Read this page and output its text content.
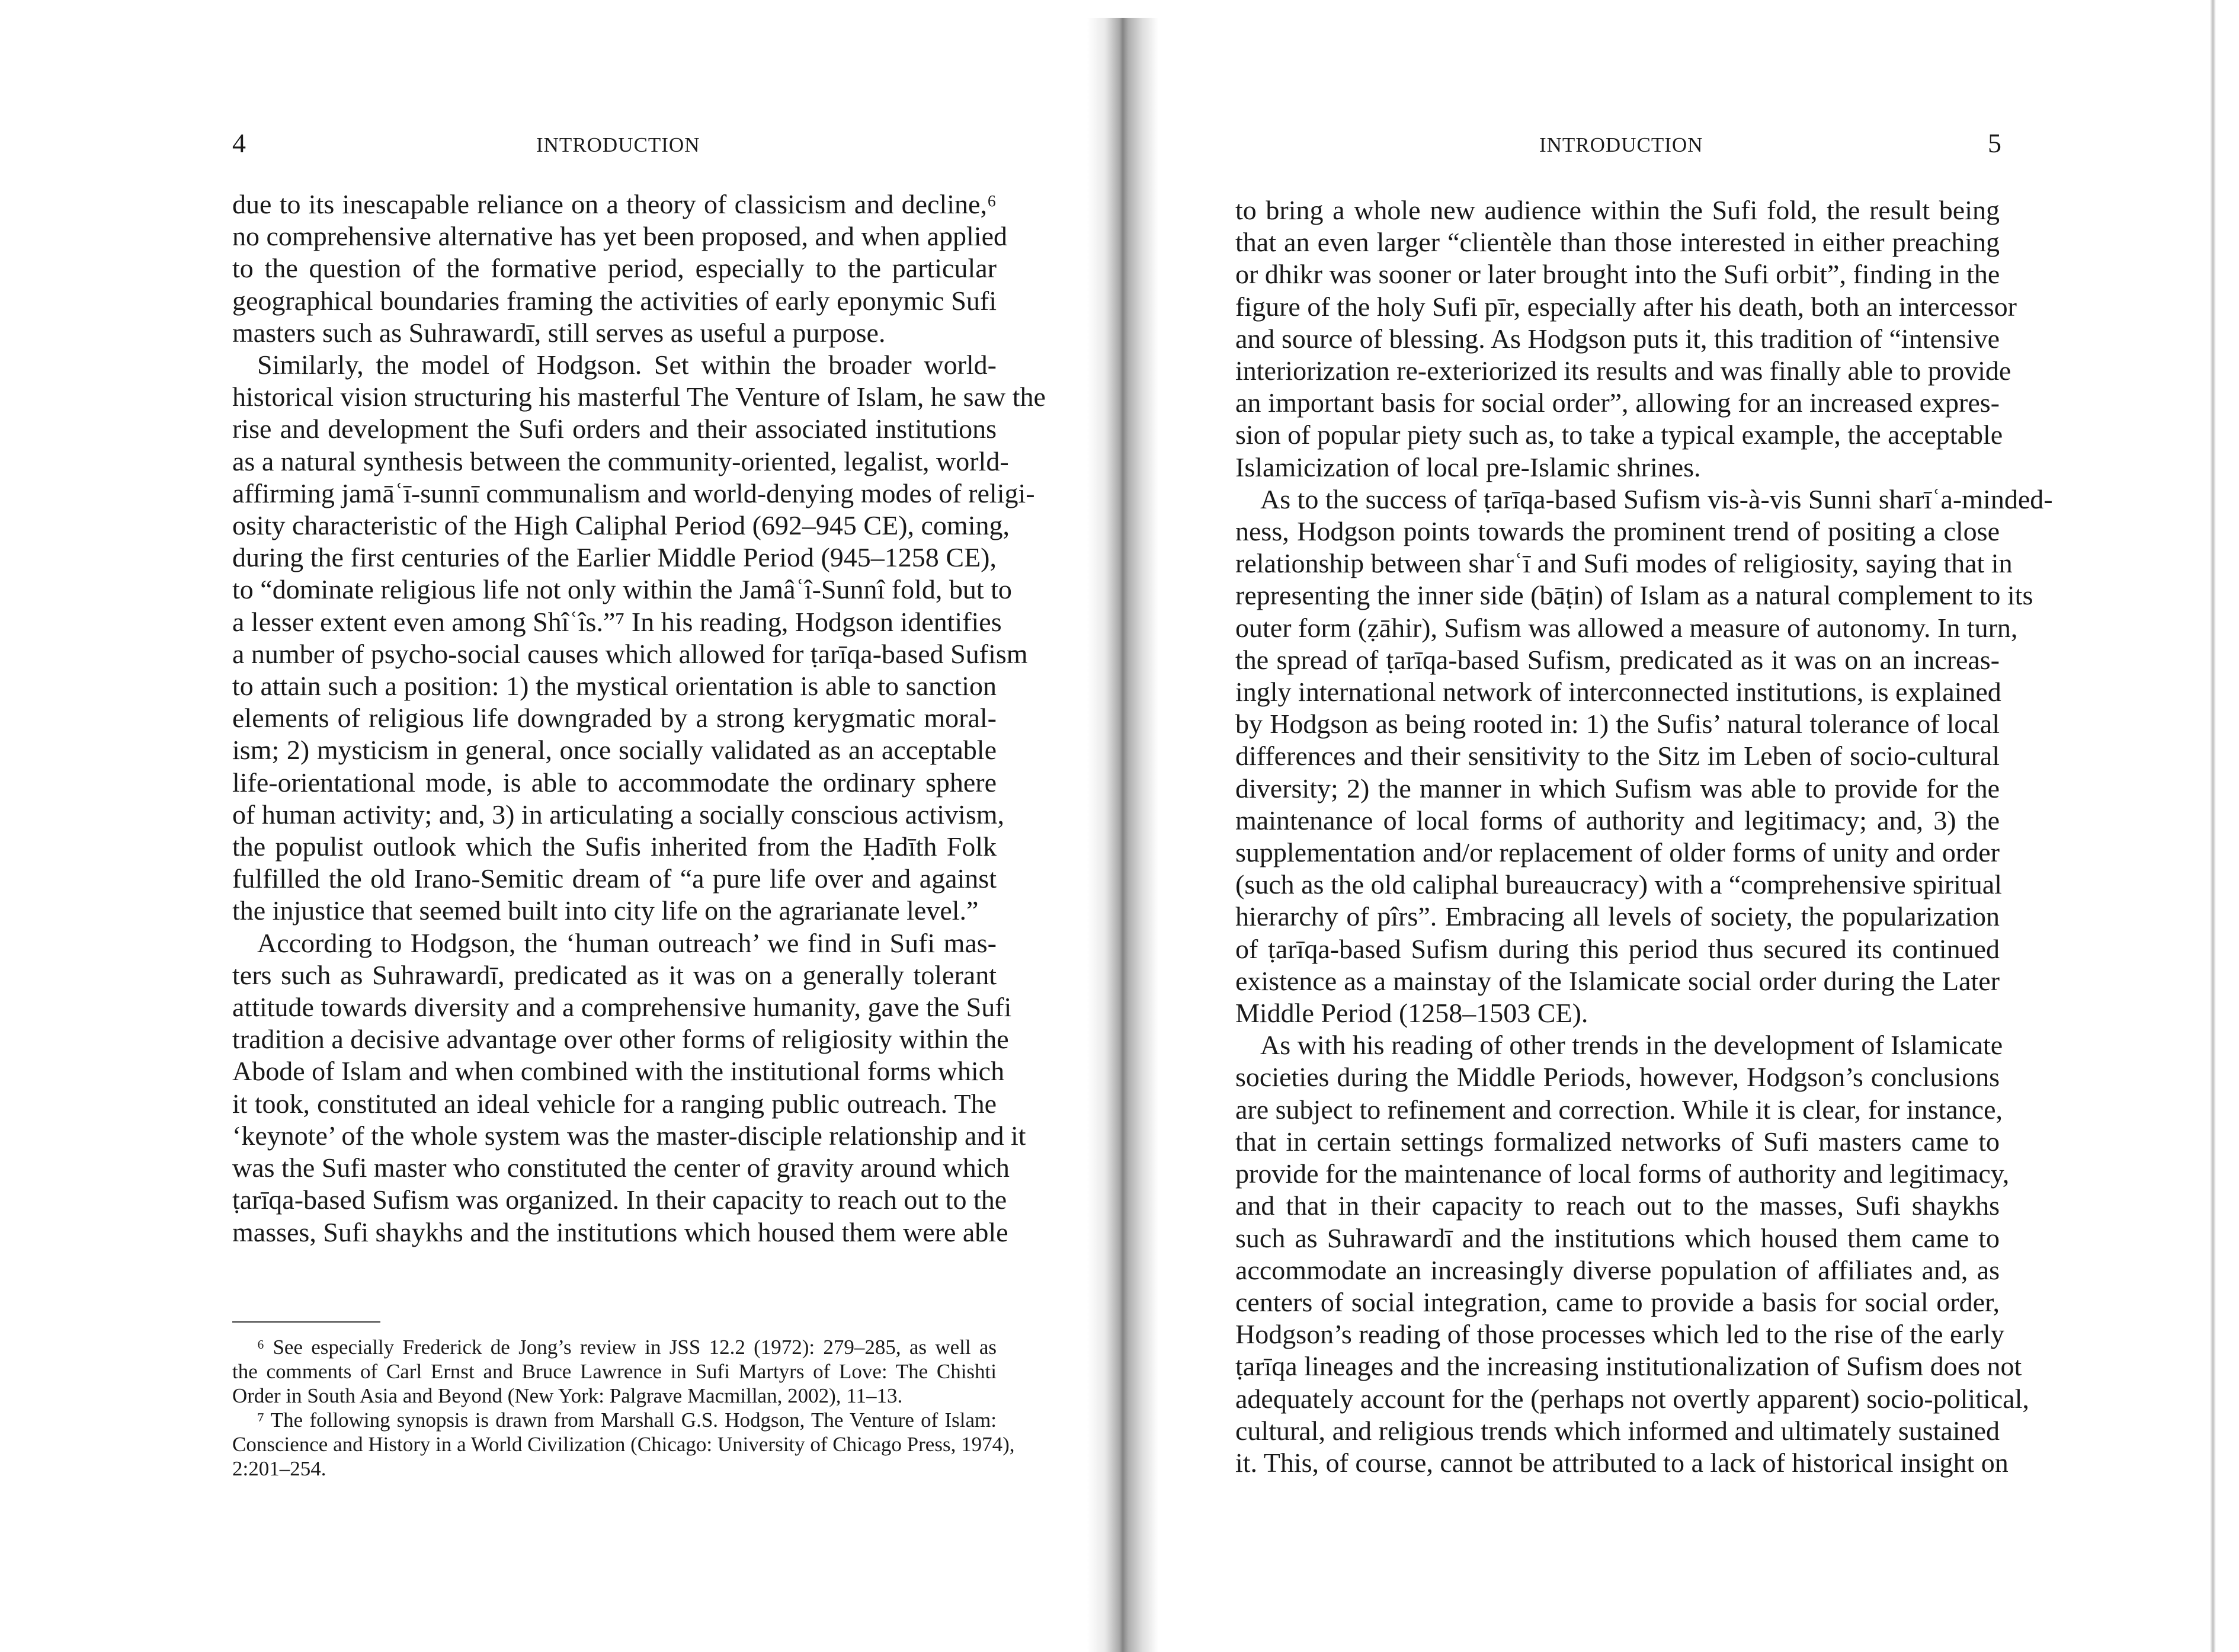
4	INTRODUCTION
due to its inescapable reliance on a theory of classicism and decline,⁶
no comprehensive alternative has yet been proposed, and when applied
to the question of the formative period, especially to the particular
geographical boundaries framing the activities of early eponymic Sufi
masters such as Suhrawardī, still serves as useful a purpose.
Similarly, the model of Hodgson. Set within the broader world-
historical vision structuring his masterful The Venture of Islam, he saw the
rise and development the Sufi orders and their associated institutions
as a natural synthesis between the community-oriented, legalist, world-
affirming jamāʿī-sunnī communalism and world-denying modes of religi-
osity characteristic of the High Caliphal Period (692–945 CE), coming,
during the first centuries of the Earlier Middle Period (945–1258 CE),
to “dominate religious life not only within the Jamâʿî-Sunnî fold, but to
a lesser extent even among Shîʿîs.”⁷ In his reading, Hodgson identifies
a number of psycho-social causes which allowed for ṭarīqa-based Sufism
to attain such a position: 1) the mystical orientation is able to sanction
elements of religious life downgraded by a strong kerygmatic moral-
ism; 2) mysticism in general, once socially validated as an acceptable
life-orientational mode, is able to accommodate the ordinary sphere
of human activity; and, 3) in articulating a socially conscious activism,
the populist outlook which the Sufis inherited from the Ḥadīth Folk
fulfilled the old Irano-Semitic dream of “a pure life over and against
the injustice that seemed built into city life on the agrarianate level.”
According to Hodgson, the ‘human outreach’ we find in Sufi mas-
ters such as Suhrawardī, predicated as it was on a generally tolerant
attitude towards diversity and a comprehensive humanity, gave the Sufi
tradition a decisive advantage over other forms of religiosity within the
Abode of Islam and when combined with the institutional forms which
it took, constituted an ideal vehicle for a ranging public outreach. The
‘keynote’ of the whole system was the master-disciple relationship and it
was the Sufi master who constituted the center of gravity around which
ṭarīqa-based Sufism was organized. In their capacity to reach out to the
masses, Sufi shaykhs and the institutions which housed them were able
⁶ See especially Frederick de Jong’s review in JSS 12.2 (1972): 279–285, as well as
the comments of Carl Ernst and Bruce Lawrence in Sufi Martyrs of Love: The Chishti
Order in South Asia and Beyond (New York: Palgrave Macmillan, 2002), 11–13.
⁷ The following synopsis is drawn from Marshall G.S. Hodgson, The Venture of Islam:
Conscience and History in a World Civilization (Chicago: University of Chicago Press, 1974),
2:201–254.
INTRODUCTION	5
to bring a whole new audience within the Sufi fold, the result being
that an even larger “clientèle than those interested in either preaching
or dhikr was sooner or later brought into the Sufi orbit”, finding in the
figure of the holy Sufi pīr, especially after his death, both an intercessor
and source of blessing. As Hodgson puts it, this tradition of “intensive
interiorization re-exteriorized its results and was finally able to provide
an important basis for social order”, allowing for an increased expres-
sion of popular piety such as, to take a typical example, the acceptable
Islamicization of local pre-Islamic shrines.
As to the success of ṭarīqa-based Sufism vis-à-vis Sunni sharīʿa-minded-
ness, Hodgson points towards the prominent trend of positing a close
relationship between sharʿī and Sufi modes of religiosity, saying that in
representing the inner side (bāṭin) of Islam as a natural complement to its
outer form (ẓāhir), Sufism was allowed a measure of autonomy. In turn,
the spread of ṭarīqa-based Sufism, predicated as it was on an increas-
ingly international network of interconnected institutions, is explained
by Hodgson as being rooted in: 1) the Sufis’ natural tolerance of local
differences and their sensitivity to the Sitz im Leben of socio-cultural
diversity; 2) the manner in which Sufism was able to provide for the
maintenance of local forms of authority and legitimacy; and, 3) the
supplementation and/or replacement of older forms of unity and order
(such as the old caliphal bureaucracy) with a “comprehensive spiritual
hierarchy of pîrs”. Embracing all levels of society, the popularization
of ṭarīqa-based Sufism during this period thus secured its continued
existence as a mainstay of the Islamicate social order during the Later
Middle Period (1258–1503 CE).
As with his reading of other trends in the development of Islamicate
societies during the Middle Periods, however, Hodgson’s conclusions
are subject to refinement and correction. While it is clear, for instance,
that in certain settings formalized networks of Sufi masters came to
provide for the maintenance of local forms of authority and legitimacy,
and that in their capacity to reach out to the masses, Sufi shaykhs
such as Suhrawardī and the institutions which housed them came to
accommodate an increasingly diverse population of affiliates and, as
centers of social integration, came to provide a basis for social order,
Hodgson’s reading of those processes which led to the rise of the early
ṭarīqa lineages and the increasing institutionalization of Sufism does not
adequately account for the (perhaps not overtly apparent) socio-political,
cultural, and religious trends which informed and ultimately sustained
it. This, of course, cannot be attributed to a lack of historical insight on
